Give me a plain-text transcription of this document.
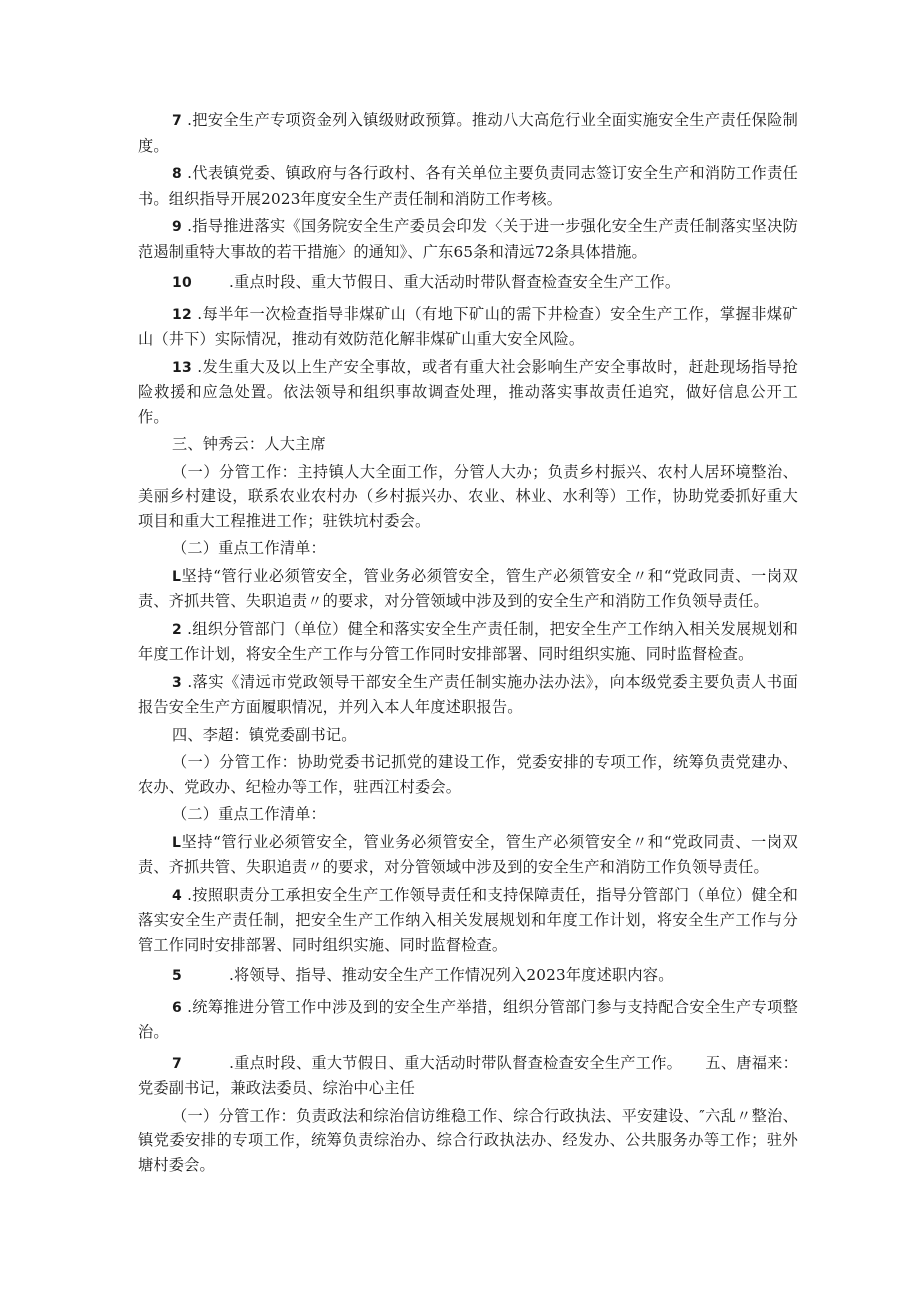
7 .把安全生产专项资金列入镇级财政预算。推动八大高危行业全面实施安全生产责任保险制度。

8 .代表镇党委、镇政府与各行政村、各有关单位主要负责同志签订安全生产和消防工作责任书。组织指导开展2023年度安全生产责任制和消防工作考核。

9 .指导推进落实《国务院安全生产委员会印发〈关于进一步强化安全生产责任制落实坚决防范遏制重特大事故的若干措施〉的通知》、广东65条和清远72条具体措施。

10 .重点时段、重大节假日、重大活动时带队督查检查安全生产工作。

12 .每半年一次检查指导非煤矿山（有地下矿山的需下井检查）安全生产工作，掌握非煤矿山（井下）实际情况，推动有效防范化解非煤矿山重大安全风险。

13 .发生重大及以上生产安全事故，或者有重大社会影响生产安全事故时，赶赴现场指导抢险救援和应急处置。依法领导和组织事故调查处理，推动落实事故责任追究，做好信息公开工作。

三、钟秀云：人大主席

（一）分管工作：主持镇人大全面工作，分管人大办；负责乡村振兴、农村人居环境整治、美丽乡村建设，联系农业农村办（乡村振兴办、农业、林业、水利等）工作，协助党委抓好重大项目和重大工程推进工作；驻铁坑村委会。

（二）重点工作清单：

L坚持“管行业必须管安全，管业务必须管安全，管生产必须管安全〃和“党政同责、一岗双责、齐抓共管、失职追责〃的要求，对分管领域中涉及到的安全生产和消防工作负领导责任。

2 .组织分管部门（单位）健全和落实安全生产责任制，把安全生产工作纳入相关发展规划和年度工作计划，将安全生产工作与分管工作同时安排部署、同时组织实施、同时监督检查。

3 .落实《清远市党政领导干部安全生产责任制实施办法办法》，向本级党委主要负责人书面报告安全生产方面履职情况，并列入本人年度述职报告。

四、李超：镇党委副书记。

（一）分管工作：协助党委书记抓党的建设工作，党委安排的专项工作，统筹负责党建办、农办、党政办、纪检办等工作，驻西江村委会。

（二）重点工作清单：

L坚持“管行业必须管安全，管业务必须管安全，管生产必须管安全〃和“党政同责、一岗双责、齐抓共管、失职追责〃的要求，对分管领域中涉及到的安全生产和消防工作负领导责任。

4 .按照职责分工承担安全生产工作领导责任和支持保障责任，指导分管部门（单位）健全和落实安全生产责任制，把安全生产工作纳入相关发展规划和年度工作计划，将安全生产工作与分管工作同时安排部署、同时组织实施、同时监督检查。

5	.将领导、指导、推动安全生产工作情况列入2023年度述职内容。

6 .统筹推进分管工作中涉及到的安全生产举措，组织分管部门参与支持配合安全生产专项整治。

7	.重点时段、重大节假日、重大活动时带队督查检查安全生产工作。　　五、唐福来：党委副书记，兼政法委员、综治中心主任

（一）分管工作：负责政法和综治信访维稳工作、综合行政执法、平安建设、″六乱〃整治、镇党委安排的专项工作，统筹负责综治办、综合行政执法办、经发办、公共服务办等工作；驻外塘村委会。
